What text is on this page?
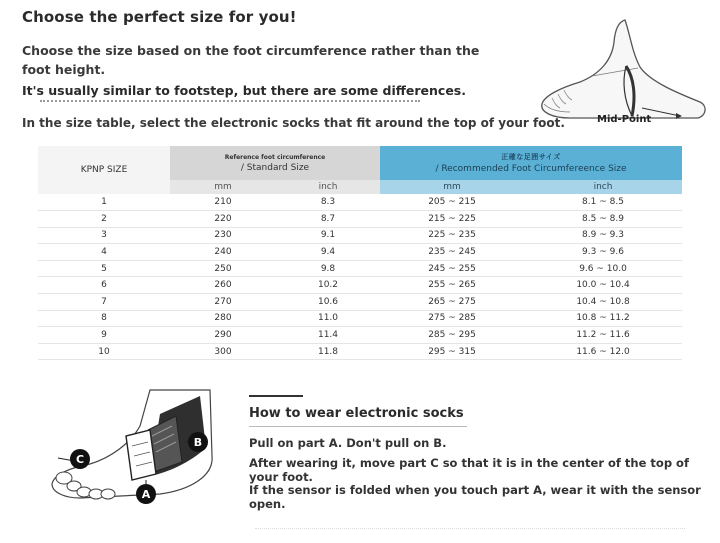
Choose the perfect size for you!
Choose the size based on the foot circumference rather than the foot height.
It's usually similar to footstep, but there are some differences.
In the size table, select the electronic socks that fit around the top of your foot.	Mid-Point
KPNP SIZE	Reference foot circumference
/ Standard Size		正確な足囲サイズ
/ Recommended Foot Circumfereence Size	

	mm	inch	mm	inch
1	210	8.3	205 ~ 215	8.1 ~ 8.5
2	220	8.7	215 ~ 225	8.5 ~ 8.9
3	230	9.1	225 ~ 235	8.9 ~ 9.3
4	240	9.4	235 ~ 245	9.3 ~ 9.6
5	250	9.8	245 ~ 255	9.6 ~ 10.0
6	260	10.2	255 ~ 265	10.0 ~ 10.4
7	270	10.6	265 ~ 275	10.4 ~ 10.8
8	280	11.0	275 ~ 285	10.8 ~ 11.2
9	290	11.4	285 ~ 295	11.2 ~ 11.6
10	300	11.8	295 ~ 315	11.6 ~ 12.0
C
B
A
How to wear electronic socks
Pull on part A. Don't pull on B.
After wearing it, move part C so that it is in the center of the top of your foot.
If the sensor is folded when you touch part A, wear it with the sensor open.
